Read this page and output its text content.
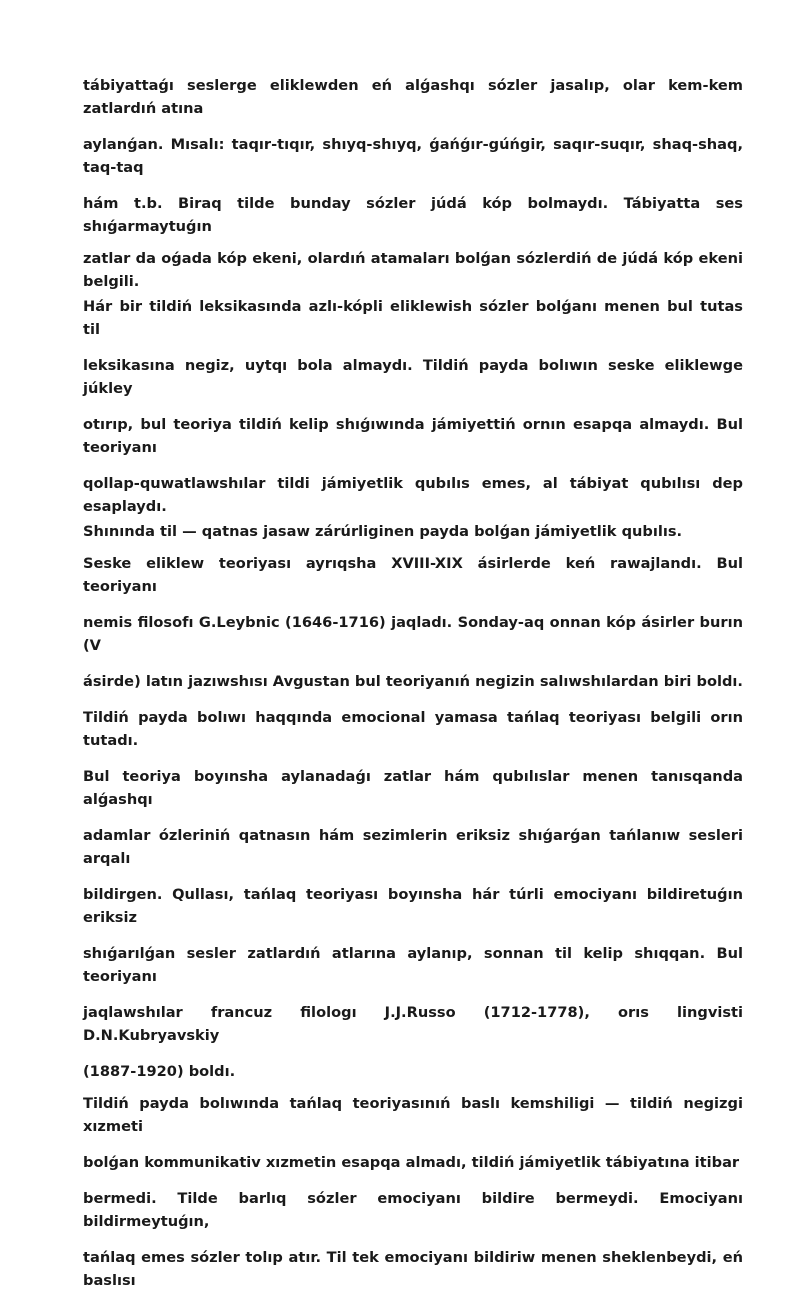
tábiyattaǵı seslerge eliklewden eń alǵashqı sózler jasalıp, olar kem-kem zatlardıń atına

aylanǵan. Mısalı: taqır-tıqır, shıyq-shıyq, ǵańǵır-gúńgir, saqır-suqır, shaq-shaq, taq-taq

hám t.b. Biraq tilde bunday sózler júdá kóp bolmaydı. Tábiyatta ses shıǵarmaytuǵın

zatlar da oǵada kóp ekeni, olardıń atamaları bolǵan sózlerdiń de júdá kóp ekeni belgili.

Hár bir tildiń leksikasında azlı-kópli eliklewish sózler bolǵanı menen bul tutas til

leksikasına negiz, uytqı bola almaydı. Tildiń payda bolıwın seske eliklewge júkley

otırıp, bul teoriya tildiń kelip shıǵıwında jámiyettiń ornın esapqa almaydı. Bul teoriyanı

qollap-quwatlawshılar tildi jámiyetlik qubılıs emes, al tábiyat qubılısı dep esaplaydı.

Shınında til — qatnas jasaw zárúrliginen payda bolǵan jámiyetlik qubılıs.

Seske eliklew teoriyası ayrıqsha XVIII-XIX ásirlerde keń rawajlandı. Bul teoriyanı

nemis filosofı G.Leybnic (1646-1716) jaqladı. Sonday-aq onnan kóp ásirler burın (V

ásirde) latın jazıwshısı Avgustan bul teoriyanıń negizin salıwshılardan biri boldı.

Tildiń payda bolıwı haqqında emocional yamasa tańlaq teoriyası belgili orın tutadı.

Bul teoriya boyınsha aylanadaǵı zatlar hám qubılıslar menen tanısqanda alǵashqı

adamlar ózleriniń qatnasın hám sezimlerin eriksiz shıǵarǵan tańlanıw sesleri arqalı

bildirgen. Qullası, tańlaq teoriyası boyınsha hár túrli emociyanı bildiretuǵın eriksiz

shıǵarılǵan sesler zatlardıń atlarına aylanıp, sonnan til kelip shıqqan. Bul teoriyanı

jaqlawshılar francuz filologı J.J.Russo (1712-1778), orıs lingvisti D.N.Kubryavskiy

(1887-1920) boldı.

Tildiń payda bolıwında tańlaq teoriyasınıń baslı kemshiligi — tildiń negizgi xızmeti

bolǵan kommunikativ xızmetin esapqa almadı, tildiń jámiyetlik tábiyatına itibar

bermedi. Tilde barlıq sózler emociyanı bildire bermeydi. Emociyanı bildirmeytuǵın,

tańlaq emes sózler tolıp atır. Til tek emociyanı bildiriw menen sheklenbeydi, eń baslısı
